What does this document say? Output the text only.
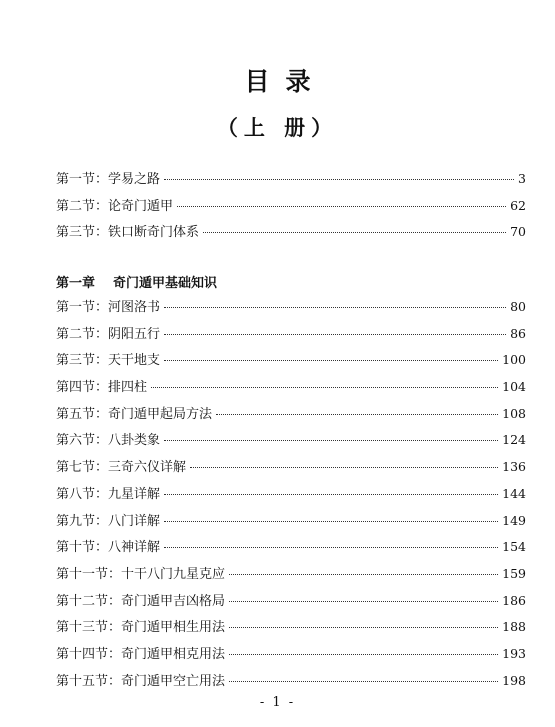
目录
（上 册）
第一节：学易之路	3
第二节：论奇门遁甲	62
第三节：铁口断奇门体系	70
第一章 奇门遁甲基础知识
第一节：河图洛书	80
第二节：阴阳五行	86
第三节：天干地支	100
第四节：排四柱	104
第五节：奇门遁甲起局方法	108
第六节：八卦类象	124
第七节：三奇六仪详解	136
第八节：九星详解	144
第九节：八门详解	149
第十节：八神详解	154
第十一节：十干八门九星克应	159
第十二节：奇门遁甲吉凶格局	186
第十三节：奇门遁甲相生用法	188
第十四节：奇门遁甲相克用法	193
第十五节：奇门遁甲空亡用法	198
- 1 -
